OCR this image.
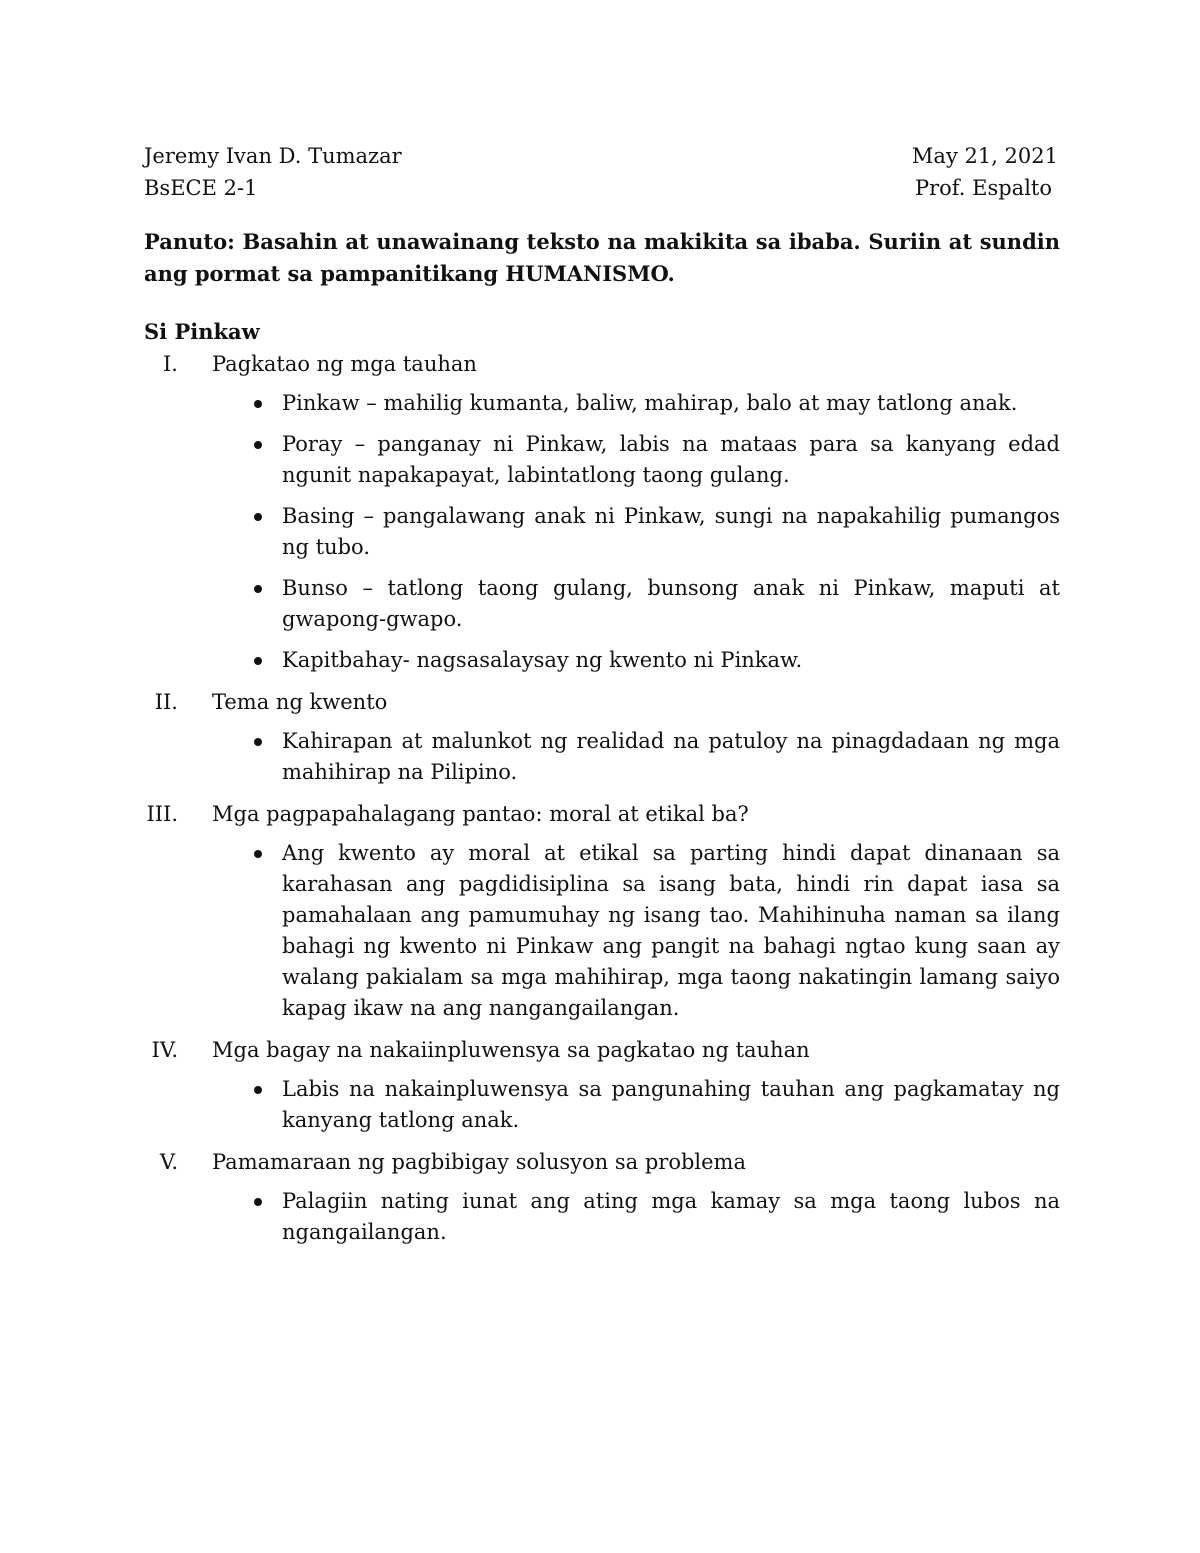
Jeremy Ivan D. Tumazar	May 21, 2021
BsECE 2-1	Prof. Espalto
Panuto: Basahin at unawainang teksto na makikita sa ibaba. Suriin at sundin ang pormat sa pampanitikang HUMANISMO.
Si Pinkaw
I.	Pagkatao ng mga tauhan
Pinkaw – mahilig kumanta, baliw, mahirap, balo at may tatlong anak.
Poray – panganay ni Pinkaw, labis na mataas para sa kanyang edad ngunit napakapayat, labintatlong taong gulang.
Basing – pangalawang anak ni Pinkaw, sungi na napakahilig pumangos ng tubo.
Bunso – tatlong taong gulang, bunsong anak ni Pinkaw, maputi at gwapong-gwapo.
Kapitbahay- nagsasalaysay ng kwento ni Pinkaw.
II.	Tema ng kwento
Kahirapan at malunkot ng realidad na patuloy na pinagdadaan ng mga mahihirap na Pilipino.
III.	Mga pagpapahalagang pantao: moral at etikal ba?
Ang kwento ay moral at etikal sa parting hindi dapat dinanaan sa karahasan ang pagdidisiplina sa isang bata, hindi rin dapat iasa sa pamahalaan ang pamumuhay ng isang tao. Mahihinuha naman sa ilang bahagi ng kwento ni Pinkaw ang pangit na bahagi ngtao kung saan ay walang pakialam sa mga mahihirap, mga taong nakatingin lamang saiyo kapag ikaw na ang nangangailangan.
IV.	Mga bagay na nakaiinpluwensya sa pagkatao ng tauhan
Labis na nakainpluwensya sa pangunahing tauhan ang pagkamatay ng kanyang tatlong anak.
V.	Pamamaraan ng pagbibigay solusyon sa problema
Palagiin nating iunat ang ating mga kamay sa mga taong lubos na ngangailangan.
